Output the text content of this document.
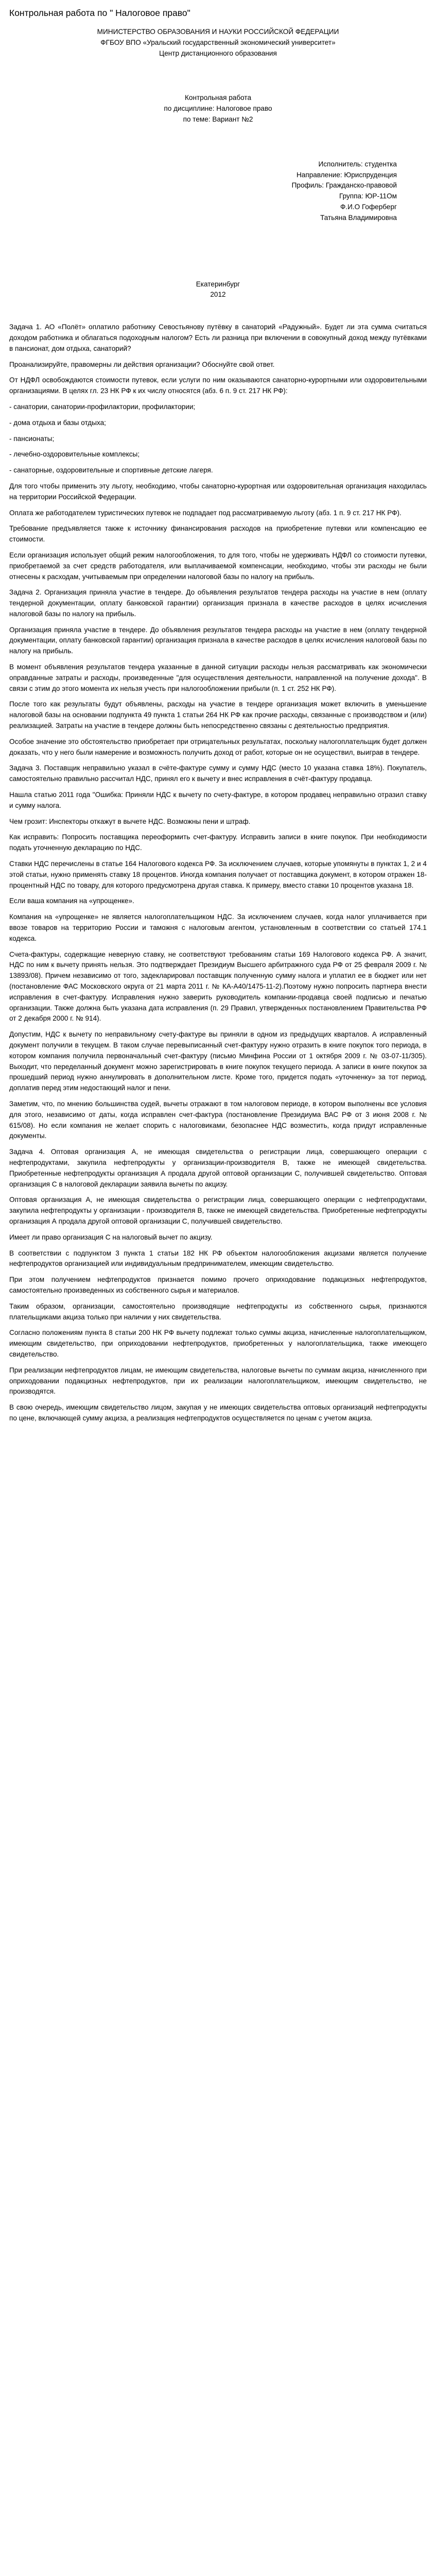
Контрольная работа по " Налоговое право"

МИНИСТЕРСТВО ОБРАЗОВАНИЯ И НАУКИ РОССИЙСКОЙ ФЕДЕРАЦИИ

ФГБОУ ВПО «Уральский государственный экономический университет»

Центр дистанционного образования

Контрольная работа

по дисциплине: Налоговое право

по теме: Вариант №2

Исполнитель: студентка

Направление: Юриспруденция

Профиль: Гражданско-правовой

Группа: ЮР-11Ом

Ф.И.О Гоферберг

Татьяна Владимировна

Екатеринбург

2012

Задача 1. АО «Полёт» оплатило работнику Севостьянову путёвку в санаторий «Радужный». Будет ли эта сумма считаться доходом работника и облагаться подоходным налогом? Есть ли разница при включении в совокупный доход между путёвками в пансионат, дом отдыха, санаторий?

Проанализируйте, правомерны ли действия организации? Обоснуйте свой ответ.

От НДФЛ освобождаются стоимости путевок, если услуги по ним оказываются санаторно-курортными или оздоровительными организациями. В целях гл. 23 НК РФ к их числу относятся (абз. 6 п. 9 ст. 217 НК РФ):

- санатории, санатории-профилактории, профилактории;

- дома отдыха и базы отдыха;

- пансионаты;

- лечебно-оздоровительные комплексы;

- санаторные, оздоровительные и спортивные детские лагеря.

Для того чтобы применить эту льготу, необходимо, чтобы санаторно-курортная или оздоровительная организация находилась на территории Российской Федерации.

Оплата же работодателем туристических путевок не подпадает под рассматриваемую льготу (абз. 1 п. 9 ст. 217 НК РФ).

Требование предъявляется также к источнику финансирования расходов на приобретение путевки или компенсацию ее стоимости.

Если организация использует общий режим налогообложения, то для того, чтобы не удерживать НДФЛ со стоимости путевки, приобретаемой за счет средств работодателя, или выплачиваемой компенсации, необходимо, чтобы эти расходы не были отнесены к расходам, учитываемым при определении налоговой базы по налогу на прибыль.

Задача 2. Организация приняла участие в тендере. До объявления результатов тендера расходы на участие в нем (оплату тендерной документации, оплату банковской гарантии) организация признала в качестве расходов в целях исчисления налоговой базы по налогу на прибыль.

Организация приняла участие в тендере. До объявления результатов тендера расходы на участие в нем (оплату тендерной документации, оплату банковской гарантии) организация признала в качестве расходов в целях исчисления налоговой базы по налогу на прибыль.

В момент объявления результатов тендера указанные в данной ситуации расходы нельзя рассматривать как экономически оправданные затраты и расходы, произведенные "для осуществления деятельности, направленной на получение дохода". В связи с этим до этого момента их нельзя учесть при налогообложении прибыли (п. 1 ст. 252 НК РФ).

После того как результаты будут объявлены, расходы на участие в тендере организация может включить в уменьшение налоговой базы на основании подпункта 49 пункта 1 статьи 264 НК РФ как прочие расходы, связанные с производством и (или) реализацией. Затраты на участие в тендере должны быть непосредственно связаны с деятельностью предприятия.

Особое значение это обстоятельство приобретает при отрицательных результатах, поскольку налогоплательщик будет должен доказать, что у него были намерение и возможность получить доход от работ, которые он не осуществил, выиграв в тендере.

Задача 3. Поставщик неправильно указал в счёте-фактуре сумму и сумму НДС (место 10 указана ставка 18%). Покупатель, самостоятельно правильно рассчитал НДС, принял его к вычету и внес исправления в счёт-фактуру продавца.

Нашла статью 2011 года "Ошибка: Приняли НДС к вычету по счету-фактуре, в котором продавец неправильно отразил ставку и сумму налога.

Чем грозит: Инспекторы откажут в вычете НДС. Возможны пени и штраф.

Как исправить: Попросить поставщика переоформить счет-фактуру. Исправить записи в книге покупок. При необходимости подать уточненную декларацию по НДС.

Ставки НДС перечислены в статье 164 Налогового кодекса РФ. За исключением случаев, которые упомянуты в пунктах 1, 2 и 4 этой статьи, нужно применять ставку 18 процентов. Иногда компания получает от поставщика документ, в котором отражен 18-процентный НДС по товару, для которого предусмотрена другая ставка. К примеру, вместо ставки 10 процентов указана 18.

Если ваша компания на «упрощенке».

Компания на «упрощенке» не является налогоплательщиком НДС. За исключением случаев, когда налог уплачивается при ввозе товаров на территорию России и таможня с налоговым агентом, установленным в соответствии со статьей 174.1 кодекса.

Счета-фактуры, содержащие неверную ставку, не соответствуют требованиям статьи 169 Налогового кодекса РФ. А значит, НДС по ним к вычету принять нельзя. Это подтверждает Президиум Высшего арбитражного суда РФ от 25 февраля 2009 г. № 13893/08). Причем независимо от того, задекларировал поставщик полученную сумму налога и уплатил ее в бюджет или нет (постановление ФАС Московского округа от 21 марта 2011 г. № КА-А40/1475-11-2).Поэтому нужно попросить партнера внести исправления в счет-фактуру. Исправления нужно заверить руководитель компании-продавца своей подписью и печатью организации. Также должна быть указана дата исправления (п. 29 Правил, утвержденных постановлением Правительства РФ от 2 декабря 2000 г. № 914).

Допустим, НДС к вычету по неправильному счету-фактуре вы приняли в одном из предыдущих кварталов. А исправленный документ получили в текущем. В таком случае перевыписанный счет-фактуру нужно отразить в книге покупок того периода, в котором компания получила первоначальный счет-фактуру (письмо Минфина России от 1 октября 2009 г. № 03-07-11/305). Выходит, что переделанный документ можно зарегистрировать в книге покупок текущего периода. А записи в книге покупок за прошедший период нужно аннулировать в дополнительном листе. Кроме того, придется подать «уточненку» за тот период, доплатив перед этим недостающий налог и пени.

Заметим, что, по мнению большинства судей, вычеты отражают в том налоговом периоде, в котором выполнены все условия для этого, независимо от даты, когда исправлен счет-фактура (постановление Президиума ВАС РФ от 3 июня 2008 г. № 615/08). Но если компания не желает спорить с налоговиками, безопаснее НДС возместить, когда придут исправленные документы.

Задача 4. Оптовая организация А, не имеющая свидетельства о регистрации лица, совершающего операции с нефтепродуктами, закупила нефтепродукты у организации-производителя В, также не имеющей свидетельства. Приобретенные нефтепродукты организация А продала другой оптовой организации С, получившей свидетельство. Оптовая организация С в налоговой декларации заявила вычеты по акцизу.

Оптовая организация А, не имеющая свидетельства о регистрации лица, совершающего операции с нефтепродуктами, закупила нефтепродукты у организации - производителя В, также не имеющей свидетельства. Приобретенные нефтепродукты организация А продала другой оптовой организации С, получившей свидетельство.

Имеет ли право организация С на налоговый вычет по акцизу.

В соответствии с подпунктом 3 пункта 1 статьи 182 НК РФ объектом налогообложения акцизами является получение нефтепродуктов организацией или индивидуальным предпринимателем, имеющим свидетельство.

При этом получением нефтепродуктов признается помимо прочего оприходование подакцизных нефтепродуктов, самостоятельно произведенных из собственного сырья и материалов.

Таким образом, организации, самостоятельно производящие нефтепродукты из собственного сырья, признаются плательщиками акциза только при наличии у них свидетельства.

Согласно положениям пункта 8 статьи 200 НК РФ вычету подлежат только суммы акциза, начисленные налогоплательщиком, имеющим свидетельство, при оприходовании нефтепродуктов, приобретенных у налогоплательщика, также имеющего свидетельство.

При реализации нефтепродуктов лицам, не имеющим свидетельства, налоговые вычеты по суммам акциза, начисленного при оприходовании подакцизных нефтепродуктов, при их реализации налогоплательщиком, имеющим свидетельство, не производятся.

В свою очередь, имеющим свидетельство лицом, закупая у не имеющих свидетельства оптовых организаций нефтепродукты по цене, включающей сумму акциза, а реализация нефтепродуктов осуществляется по ценам с учетом акциза.
